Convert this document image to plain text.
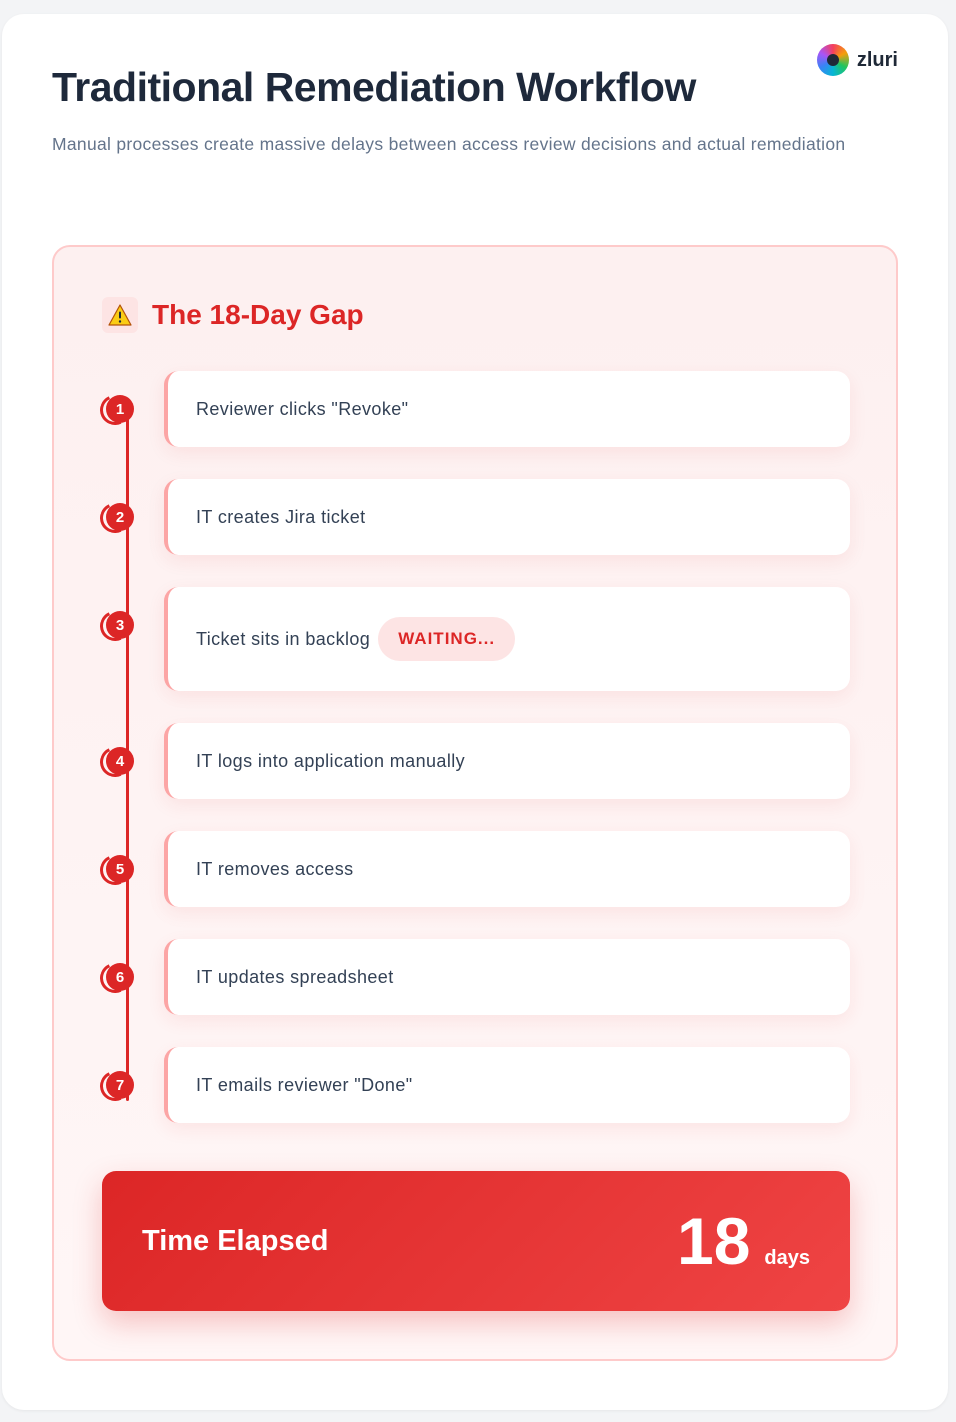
zluri
Traditional Remediation Workflow

Manual processes create massive delays between access review decisions and actual remediation

The 18-Day Gap
1	Reviewer clicks "Revoke"
2	IT creates Jira ticket
3
Ticket sits in backlog	WAITING...
4	IT logs into application manually
5	IT removes access
6	IT updates spreadsheet
7	IT emails reviewer "Done"
Time Elapsed	18 days
